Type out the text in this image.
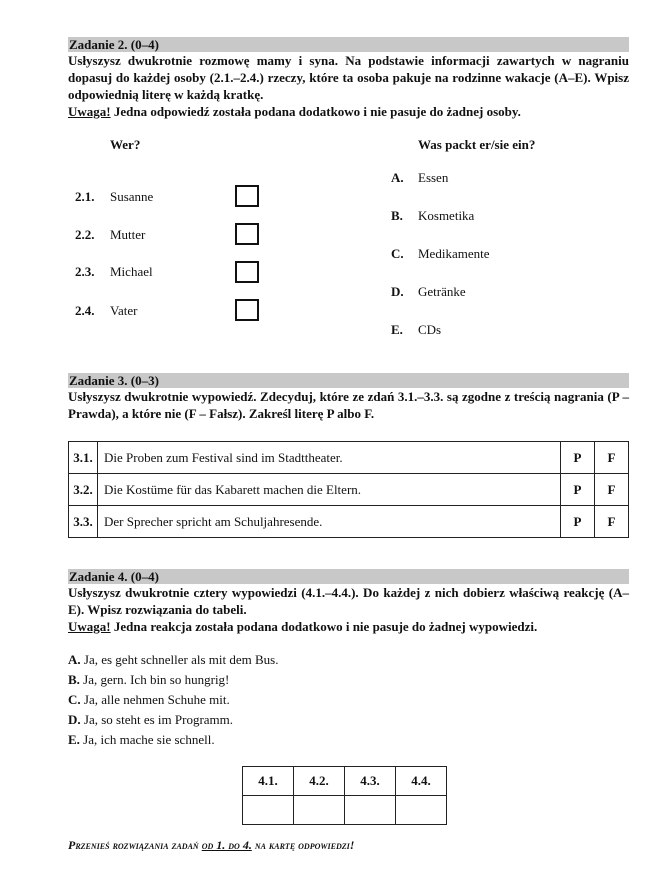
Zadanie 2. (0–4)
Usłyszysz dwukrotnie rozmowę mamy i syna. Na podstawie informacji zawartych w nagraniu dopasuj do każdej osoby (2.1.–2.4.) rzeczy, które ta osoba pakuje na rodzinne wakacje (A–E). Wpisz odpowiednią literę w każdą kratkę.
Uwaga! Jedna odpowiedź została podana dodatkowo i nie pasuje do żadnej osoby.
Wer?	Was packt er/sie ein?
2.1. Susanne
2.2. Mutter
2.3. Michael
2.4. Vater
A. Essen
B. Kosmetika
C. Medikamente
D. Getränke
E. CDs
Zadanie 3. (0–3)
Usłyszysz dwukrotnie wypowiedź. Zdecyduj, które ze zdań 3.1.–3.3. są zgodne z treścią nagrania (P – Prawda), a które nie (F – Fałsz). Zakreśl literę P albo F.
3.1.	Die Proben zum Festival sind im Stadttheater.	P	F
3.2.	Die Kostüme für das Kabarett machen die Eltern.	P	F
3.3.	Der Sprecher spricht am Schuljahresende.	P	F
Zadanie 4. (0–4)
Usłyszysz dwukrotnie cztery wypowiedzi (4.1.–4.4.). Do każdej z nich dobierz właściwą reakcję (A–E). Wpisz rozwiązania do tabeli.
Uwaga! Jedna reakcja została podana dodatkowo i nie pasuje do żadnej wypowiedzi.
A. Ja, es geht schneller als mit dem Bus.
B. Ja, gern. Ich bin so hungrig!
C. Ja, alle nehmen Schuhe mit.
D. Ja, so steht es im Programm.
E. Ja, ich mache sie schnell.
4.1.	4.2.	4.3.	4.4.

Przenieś rozwiązania zadań od 1. do 4. na kartę odpowiedzi!
